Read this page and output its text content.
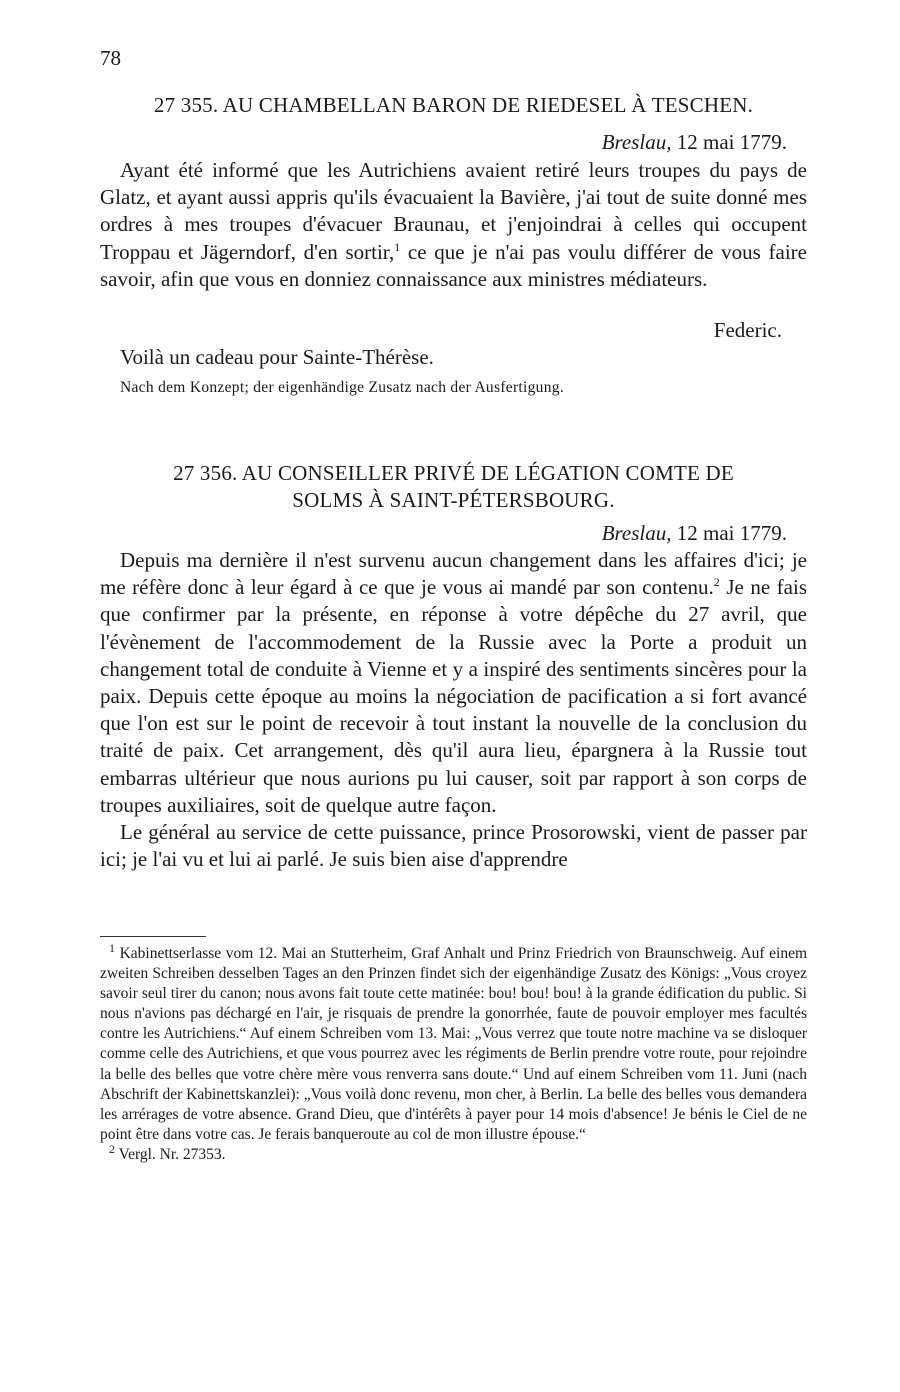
78
27 355. AU CHAMBELLAN BARON DE RIEDESEL À TESCHEN.
Breslau, 12 mai 1779.

Ayant été informé que les Autrichiens avaient retiré leurs troupes du pays de Glatz, et ayant aussi appris qu'ils évacuaient la Bavière, j'ai tout de suite donné mes ordres à mes troupes d'évacuer Braunau, et j'enjoindrai à celles qui occupent Troppau et Jägerndorf, d'en sortir,$^1$ ce que je n'ai pas voulu différer de vous faire savoir, afin que vous en donniez connaissance aux ministres médiateurs.

Federic.
Voilà un cadeau pour Sainte-Thérèse.
Nach dem Konzept; der eigenhändige Zusatz nach der Ausfertigung.
27 356. AU CONSEILLER PRIVÉ DE LÉGATION COMTE DE
SOLMS À SAINT-PÉTERSBOURG.
Breslau, 12 mai 1779.

Depuis ma dernière il n'est survenu aucun changement dans les affaires d'ici; je me réfère donc à leur égard à ce que je vous ai mandé par son contenu.$^2$ Je ne fais que confirmer par la présente, en réponse à votre dépêche du 27 avril, que l'évènement de l'accommodement de la Russie avec la Porte a produit un changement total de conduite à Vienne et y a inspiré des sentiments sincères pour la paix. Depuis cette époque au moins la négociation de pacification a si fort avancé que l'on est sur le point de recevoir à tout instant la nouvelle de la conclusion du traité de paix. Cet arrangement, dès qu'il aura lieu, épargnera à la Russie tout embarras ultérieur que nous aurions pu lui causer, soit par rapport à son corps de troupes auxiliaires, soit de quelque autre façon.

Le général au service de cette puissance, prince Prosorowski, vient de passer par ici; je l'ai vu et lui ai parlé. Je suis bien aise d'apprendre

$^1$ Kabinettserlasse vom 12. Mai an Stutterheim, Graf Anhalt und Prinz Friedrich von Braunschweig. Auf einem zweiten Schreiben desselben Tages an den Prinzen findet sich der eigenhändige Zusatz des Königs: „Vous croyez savoir seul tirer du canon; nous avons fait toute cette matinée: bou! bou! bou! à la grande édification du public. Si nous n'avions pas déchargé en l'air, je risquais de prendre la gonorrhée, faute de pouvoir employer mes facultés contre les Autrichiens.“ Auf einem Schreiben vom 13. Mai: „Vous verrez que toute notre machine va se disloquer comme celle des Autrichiens, et que vous pourrez avec les régiments de Berlin prendre votre route, pour rejoindre la belle des belles que votre chère mère vous renverra sans doute.“ Und auf einem Schreiben vom 11. Juni (nach Abschrift der Kabinettskanzlei): „Vous voilà donc revenu, mon cher, à Berlin. La belle des belles vous demandera les arrérages de votre absence. Grand Dieu, que d'intérêts à payer pour 14 mois d'absence! Je bénis le Ciel de ne point être dans votre cas. Je ferais banqueroute au col de mon illustre épouse.“

$^2$ Vergl. Nr. 27353.
